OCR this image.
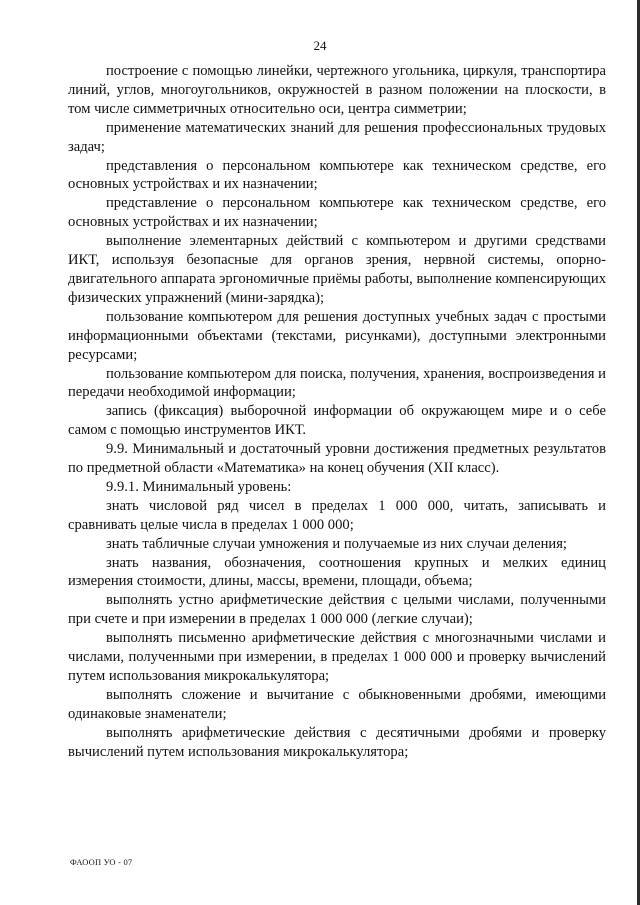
24

построение с помощью линейки, чертежного угольника, циркуля, транспортира линий, углов, многоугольников, окружностей в разном положении на плоскости, в том числе симметричных относительно оси, центра симметрии;

применение математических знаний для решения профессиональных трудовых задач;

представления о персональном компьютере как техническом средстве, его основных устройствах и их назначении;

представление о персональном компьютере как техническом средстве, его основных устройствах и их назначении;

выполнение элементарных действий с компьютером и другими средствами ИКТ, используя безопасные для органов зрения, нервной системы, опорно-двигательного аппарата эргономичные приёмы работы, выполнение компенсирующих физических упражнений (мини-зарядка);

пользование компьютером для решения доступных учебных задач с простыми информационными объектами (текстами, рисунками), доступными электронными ресурсами;

пользование компьютером для поиска, получения, хранения, воспроизведения и передачи необходимой информации;

запись (фиксация) выборочной информации об окружающем мире и о себе самом с помощью инструментов ИКТ.

9.9. Минимальный и достаточный уровни достижения предметных результатов по предметной области «Математика» на конец обучения (XII класс).

9.9.1. Минимальный уровень:

знать числовой ряд чисел в пределах 1 000 000, читать, записывать и сравнивать целые числа в пределах 1 000 000;

знать табличные случаи умножения и получаемые из них случаи деления;

знать названия, обозначения, соотношения крупных и мелких единиц измерения стоимости, длины, массы, времени, площади, объема;

выполнять устно арифметические действия с целыми числами, полученными при счете и при измерении в пределах 1 000 000 (легкие случаи);

выполнять письменно арифметические действия с многозначными числами и числами, полученными при измерении, в пределах 1 000 000 и проверку вычислений путем использования микрокалькулятора;

выполнять сложение и вычитание с обыкновенными дробями, имеющими одинаковые знаменатели;

выполнять арифметические действия с десятичными дробями и проверку вычислений путем использования микрокалькулятора;

ФАООП УО - 07
